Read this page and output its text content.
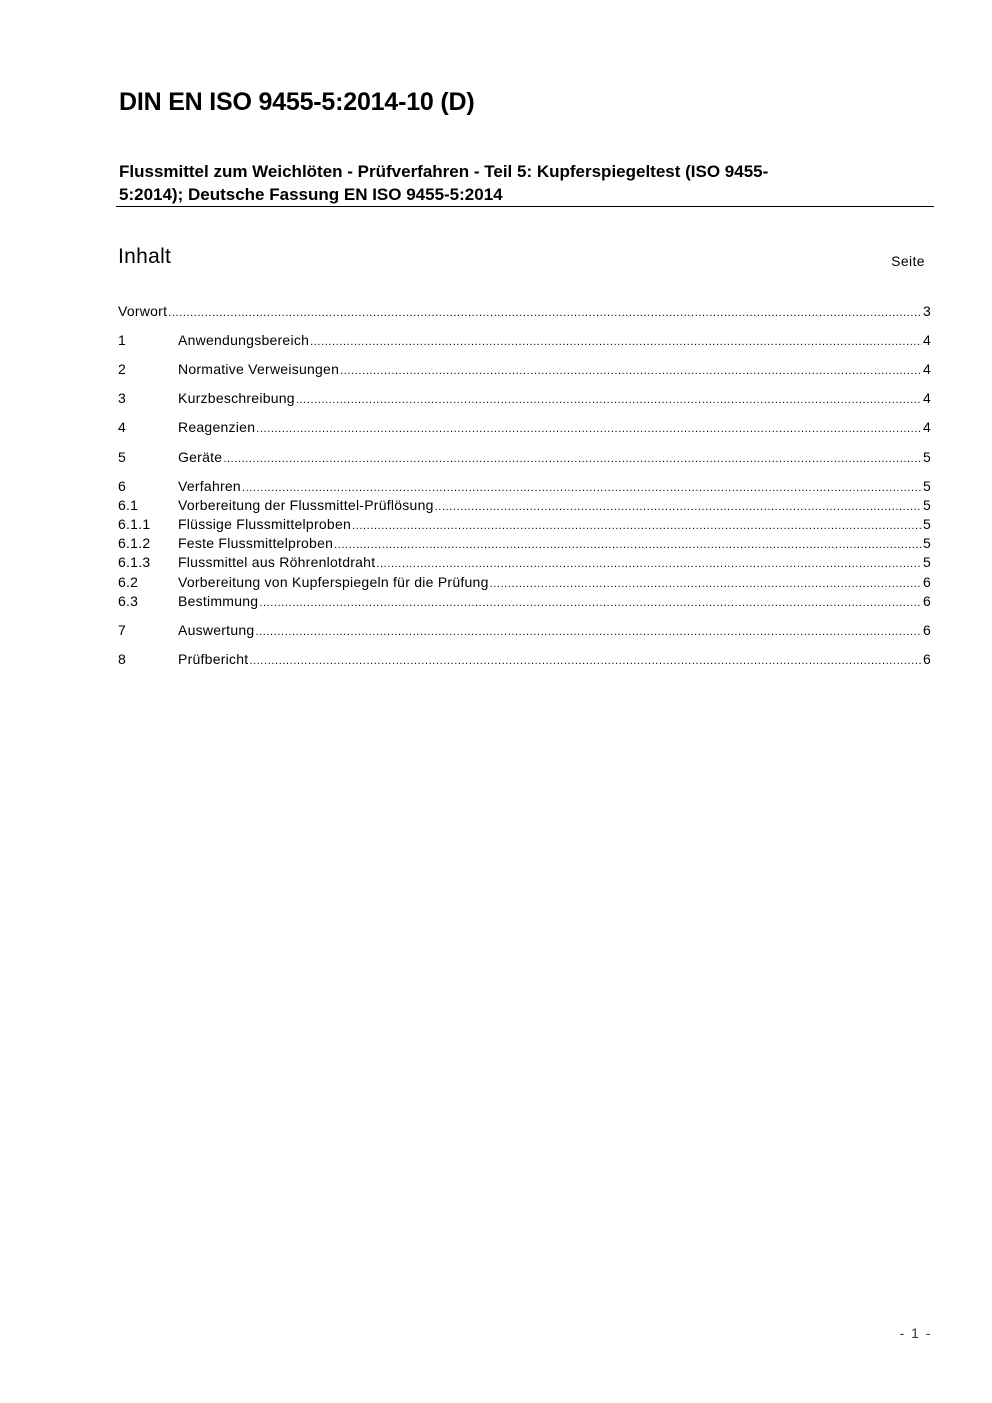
DIN EN ISO 9455-5:2014-10 (D)
Flussmittel zum Weichlöten - Prüfverfahren - Teil 5: Kupferspiegeltest (ISO 9455-
5:2014); Deutsche Fassung EN ISO 9455-5:2014
Inhalt	Seite
Vorwort .....	3
1	Anwendungsbereich .....	4
2	Normative Verweisungen .....	4
3	Kurzbeschreibung .....	4
4	Reagenzien .....	4
5	Geräte .....	5
6	Verfahren .....	5
6.1	Vorbereitung der Flussmittel-Prüflösung .....	5
6.1.1	Flüssige Flussmittelproben .....	5
6.1.2	Feste Flussmittelproben .....	5
6.1.3	Flussmittel aus Röhrenlotdraht .....	5
6.2	Vorbereitung von Kupferspiegeln für die Prüfung .....	6
6.3	Bestimmung .....	6
7	Auswertung .....	6
8	Prüfbericht .....	6
- 1 -
